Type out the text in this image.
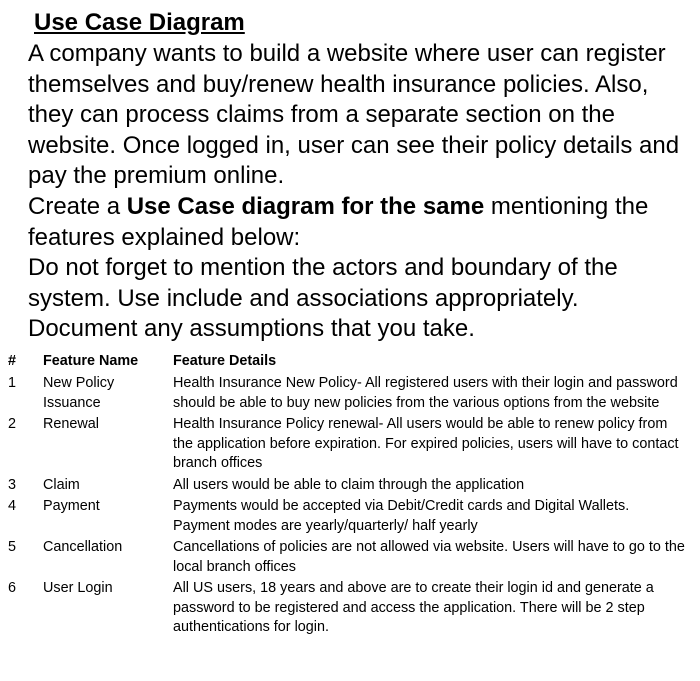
Use Case Diagram

A company wants to build a website where user can register themselves and buy/renew health insurance policies. Also, they can process claims from a separate section on the website. Once logged in, user can see their policy details and pay the premium online.

Create a Use Case diagram for the same mentioning the features explained below:

Do not forget to mention the actors and boundary of the system. Use include and associations appropriately.

Document any assumptions that you take.

#	Feature Name	Feature Details
1	New Policy Issuance	Health Insurance New Policy- All registered users with their login and password should be able to buy new policies from the various options from the website
2	Renewal	Health Insurance Policy renewal- All users would be able to renew policy from the application before expiration. For expired policies, users will have to contact branch offices
3	Claim	All users would be able to claim through the application
4	Payment	Payments would be accepted via Debit/Credit cards and Digital Wallets. Payment modes are yearly/quarterly/ half yearly
5	Cancellation	Cancellations of policies are not allowed via website. Users will have to go to the local branch offices
6	User Login	All US users, 18 years and above are to create their login id and generate a password to be registered and access the application. There will be 2 step authentications for login.
